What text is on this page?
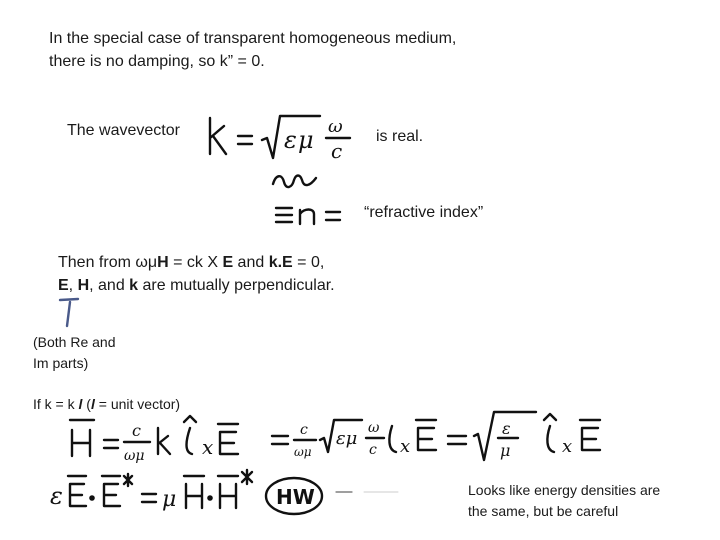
In the special case of transparent homogeneous medium,
there is no damping, so k” = 0.
The wavevector	is real.
“refractive index”
ε μ ω
c
Then from ωμH = ck X E and k.E = 0,
E, H, and k are mutually perpendicular.
(Both Re and
Im parts)
If k = k l (l = unit vector)
c
ωμ	x
c
ωμ
εμ ω
c x
ε
μ	x
ε	μ	HW	Looks like energy densities are
the same, but be careful
